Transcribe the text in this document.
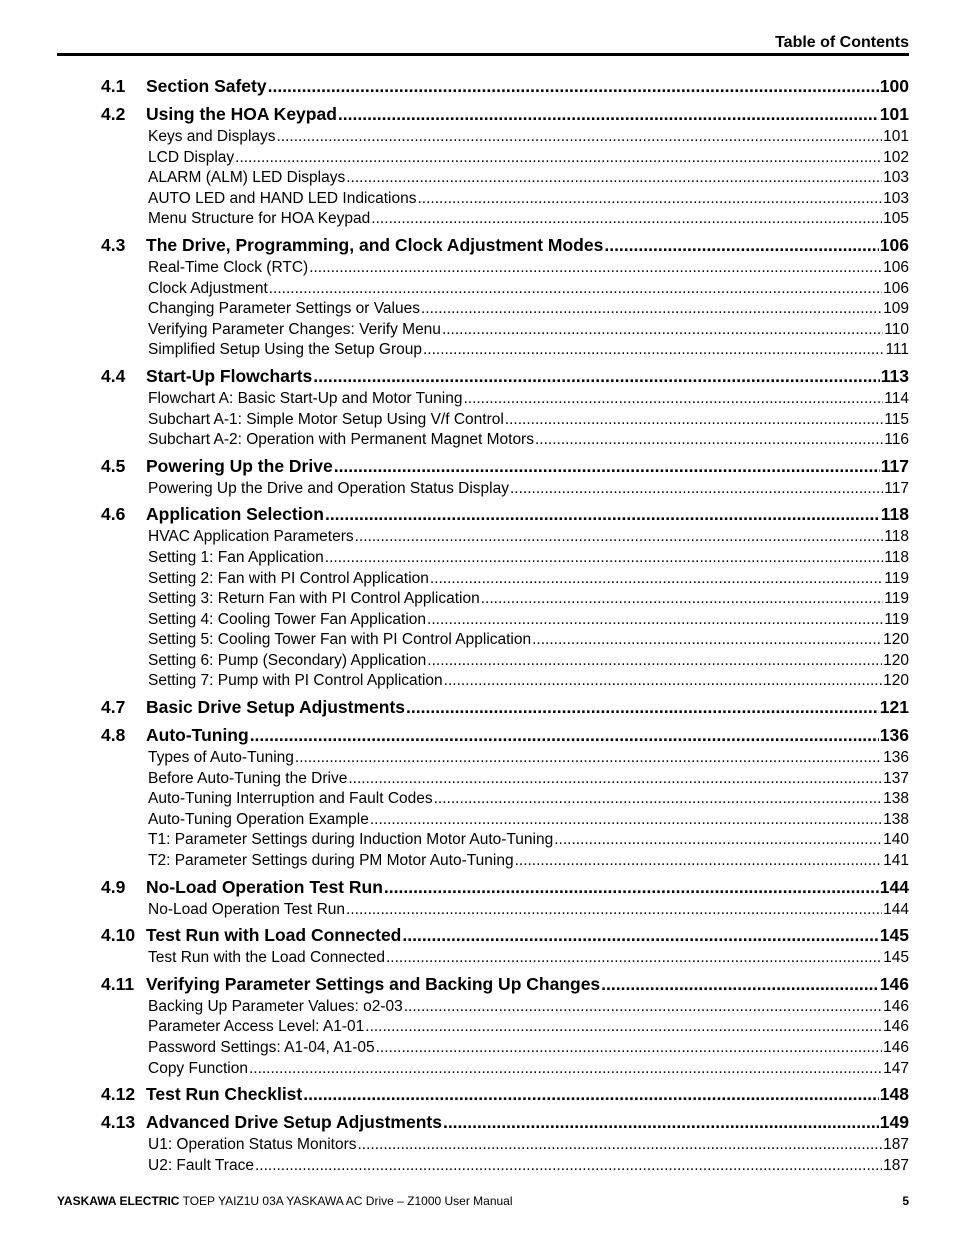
Table of Contents
4.1	Section Safety .....	100
4.2	Using the HOA Keypad .....	101
Keys and Displays .....	101
LCD Display .....	102
ALARM (ALM) LED Displays .....	103
AUTO LED and HAND LED Indications .....	103
Menu Structure for HOA Keypad .....	105
4.3	The Drive, Programming, and Clock Adjustment Modes .....	106
Real-Time Clock (RTC) .....	106
Clock Adjustment .....	106
Changing Parameter Settings or Values .....	109
Verifying Parameter Changes: Verify Menu .....	110
Simplified Setup Using the Setup Group .....	111
4.4	Start-Up Flowcharts .....	113
Flowchart A: Basic Start-Up and Motor Tuning .....	114
Subchart A-1: Simple Motor Setup Using V/f Control .....	115
Subchart A-2: Operation with Permanent Magnet Motors .....	116
4.5	Powering Up the Drive .....	117
Powering Up the Drive and Operation Status Display .....	117
4.6	Application Selection .....	118
HVAC Application Parameters .....	118
Setting 1: Fan Application .....	118
Setting 2: Fan with PI Control Application .....	119
Setting 3: Return Fan with PI Control Application .....	119
Setting 4: Cooling Tower Fan Application .....	119
Setting 5: Cooling Tower Fan with PI Control Application .....	120
Setting 6: Pump (Secondary) Application .....	120
Setting 7: Pump with PI Control Application .....	120
4.7	Basic Drive Setup Adjustments .....	121
4.8	Auto-Tuning .....	136
Types of Auto-Tuning .....	136
Before Auto-Tuning the Drive .....	137
Auto-Tuning Interruption and Fault Codes .....	138
Auto-Tuning Operation Example .....	138
T1: Parameter Settings during Induction Motor Auto-Tuning .....	140
T2: Parameter Settings during PM Motor Auto-Tuning .....	141
4.9	No-Load Operation Test Run .....	144
No-Load Operation Test Run .....	144
4.10 Test Run with Load Connected .....	145
Test Run with the Load Connected .....	145
4.11 Verifying Parameter Settings and Backing Up Changes .....	146
Backing Up Parameter Values: o2-03 .....	146
Parameter Access Level: A1-01 .....	146
Password Settings: A1-04, A1-05 .....	146
Copy Function .....	147
4.12 Test Run Checklist .....	148
4.13 Advanced Drive Setup Adjustments .....	149
U1: Operation Status Monitors .....	187
U2: Fault Trace .....	187
YASKAWA ELECTRIC TOEP YAIZ1U 03A YASKAWA AC Drive – Z1000 User Manual	5
